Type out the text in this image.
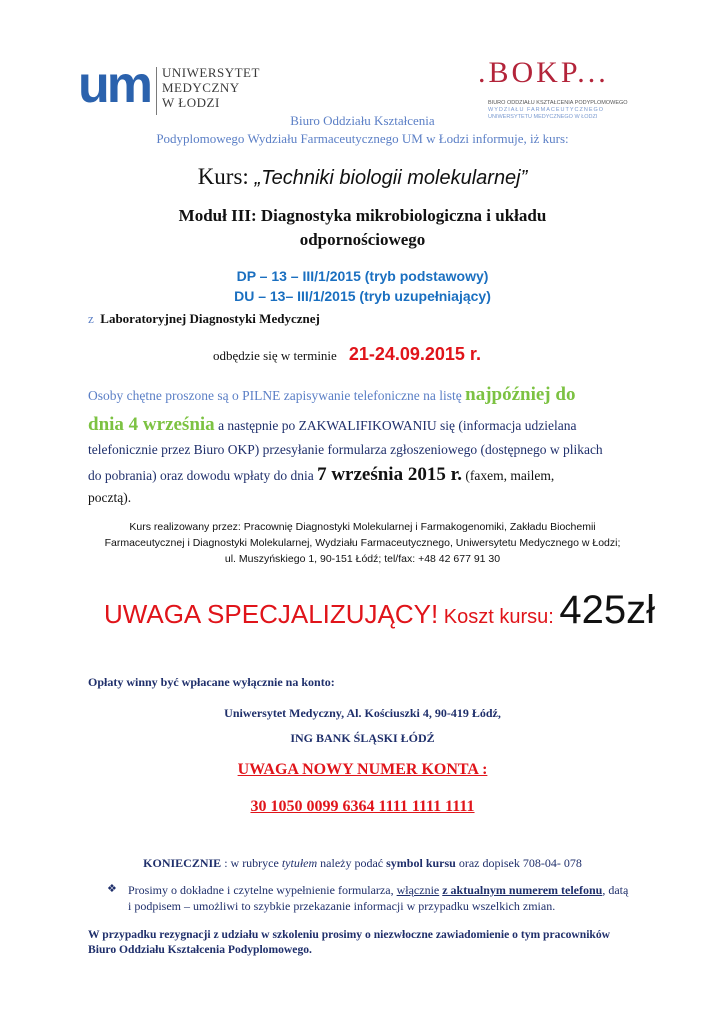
um UNIWERSYTET
MEDYCZNY
W ŁODZI
.BOKP...
BIURO ODDZIAŁU KSZTAŁCENIA PODYPLOMOWEGO
WYDZIAŁU FARMACEUTYCZNEGO
UNIWERSYTETU MEDYCZNEGO W ŁODZI
Biuro Oddziału Kształcenia
Podyplomowego Wydziału Farmaceutycznego UM w Łodzi informuje, iż kurs:
Kurs: „Techniki biologii molekularnej”
Moduł III: Diagnostyka mikrobiologiczna i układu
odpornościowego
DP – 13 – III/1/2015 (tryb podstawowy)
DU – 13– III/1/2015 (tryb uzupełniający)
z Laboratoryjnej Diagnostyki Medycznej
odbędzie się w terminie 21-24.09.2015 r.
Osoby chętne proszone są o PILNE zapisywanie telefoniczne na listę najpóźniej do
dnia 4 września a następnie po ZAKWALIFIKOWANIU się (informacja udzielana
telefonicznie przez Biuro OKP) przesyłanie formularza zgłoszeniowego (dostępnego w plikach
do pobrania) oraz dowodu wpłaty do dnia 7 września 2015 r. (faxem, mailem,
pocztą).
Kurs realizowany przez: Pracownię Diagnostyki Molekularnej i Farmakogenomiki, Zakładu Biochemii
Farmaceutycznej i Diagnostyki Molekularnej, Wydziału Farmaceutycznego, Uniwersytetu Medycznego w Łodzi;
ul. Muszyńskiego 1, 90-151 Łódź; tel/fax: +48 42 677 91 30
UWAGA SPECJALIZUJĄCY! Koszt kursu: 425zł
Opłaty winny być wpłacane wyłącznie na konto:
Uniwersytet Medyczny, Al. Kościuszki 4, 90-419 Łódź,
ING BANK ŚLĄSKI ŁÓDŹ
UWAGA NOWY NUMER KONTA :
30 1050 0099 6364 1111 1111 1111
KONIECZNIE : w rubryce tytułem należy podać symbol kursu oraz dopisek 708-04- 078
❖ Prosimy o dokładne i czytelne wypełnienie formularza, włącznie z aktualnym numerem telefonu, datą
i podpisem – umożliwi to szybkie przekazanie informacji w przypadku wszelkich zmian.
W przypadku rezygnacji z udziału w szkoleniu prosimy o niezwłoczne zawiadomienie o tym pracowników
Biuro Oddziału Kształcenia Podyplomowego.
